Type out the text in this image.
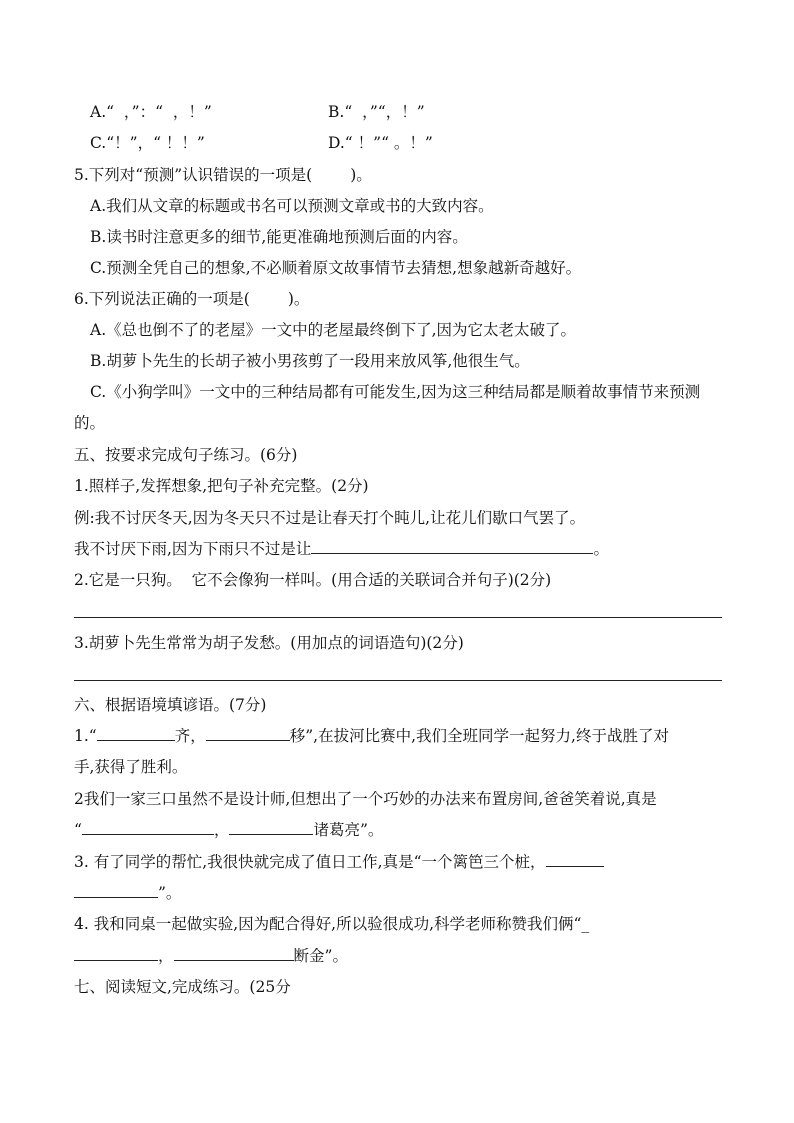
A.“  ，”：“  ，！”	B.“  ，”“，！”
C.“！”，“ ！！”	D.“ ！”“ 。！”
5.下列对“预测”认识错误的一项是( )。
A.我们从文章的标题或书名可以预测文章或书的大致内容。
B.读书时注意更多的细节,能更准确地预测后面的内容。
C.预测全凭自己的想象,不必顺着原文故事情节去猜想,想象越新奇越好。
6.下列说法正确的一项是( )。
A.《总也倒不了的老屋》一文中的老屋最终倒下了,因为它太老太破了。
B.胡萝卜先生的长胡子被小男孩剪了一段用来放风筝,他很生气。
C.《小狗学叫》一文中的三种结局都有可能发生,因为这三种结局都是顺着故事情节来预测
的。
五、按要求完成句子练习。(6分)
1.照样子,发挥想象,把句子补充完整。(2分)
例:我不讨厌冬天,因为冬天只不过是让春天打个盹儿,让花儿们歇口气罢了。
我不讨厌下雨,因为下雨只不过是让	。
2.它是一只狗。  它不会像狗一样叫。(用合适的关联词合并句子)(2分)
3.胡萝卜先生常常为胡子发愁。(用加点的词语造句)(2分)
六、根据语境填谚语。(7分)
1.“	齐，	移”,在拔河比赛中,我们全班同学一起努力,终于战胜了对
手,获得了胜利。
2我们一家三口虽然不是设计师,但想出了一个巧妙的办法来布置房间,爸爸笑着说,真是
“	，	诸葛亮”。
3. 有了同学的帮忙,我很快就完成了值日工作,真是“一个篱笆三个桩，
”。
4. 我和同桌一起做实验,因为配合得好,所以验很成功,科学老师称赞我们俩“_
，	断金”。
七、阅读短文,完成练习。(25分
